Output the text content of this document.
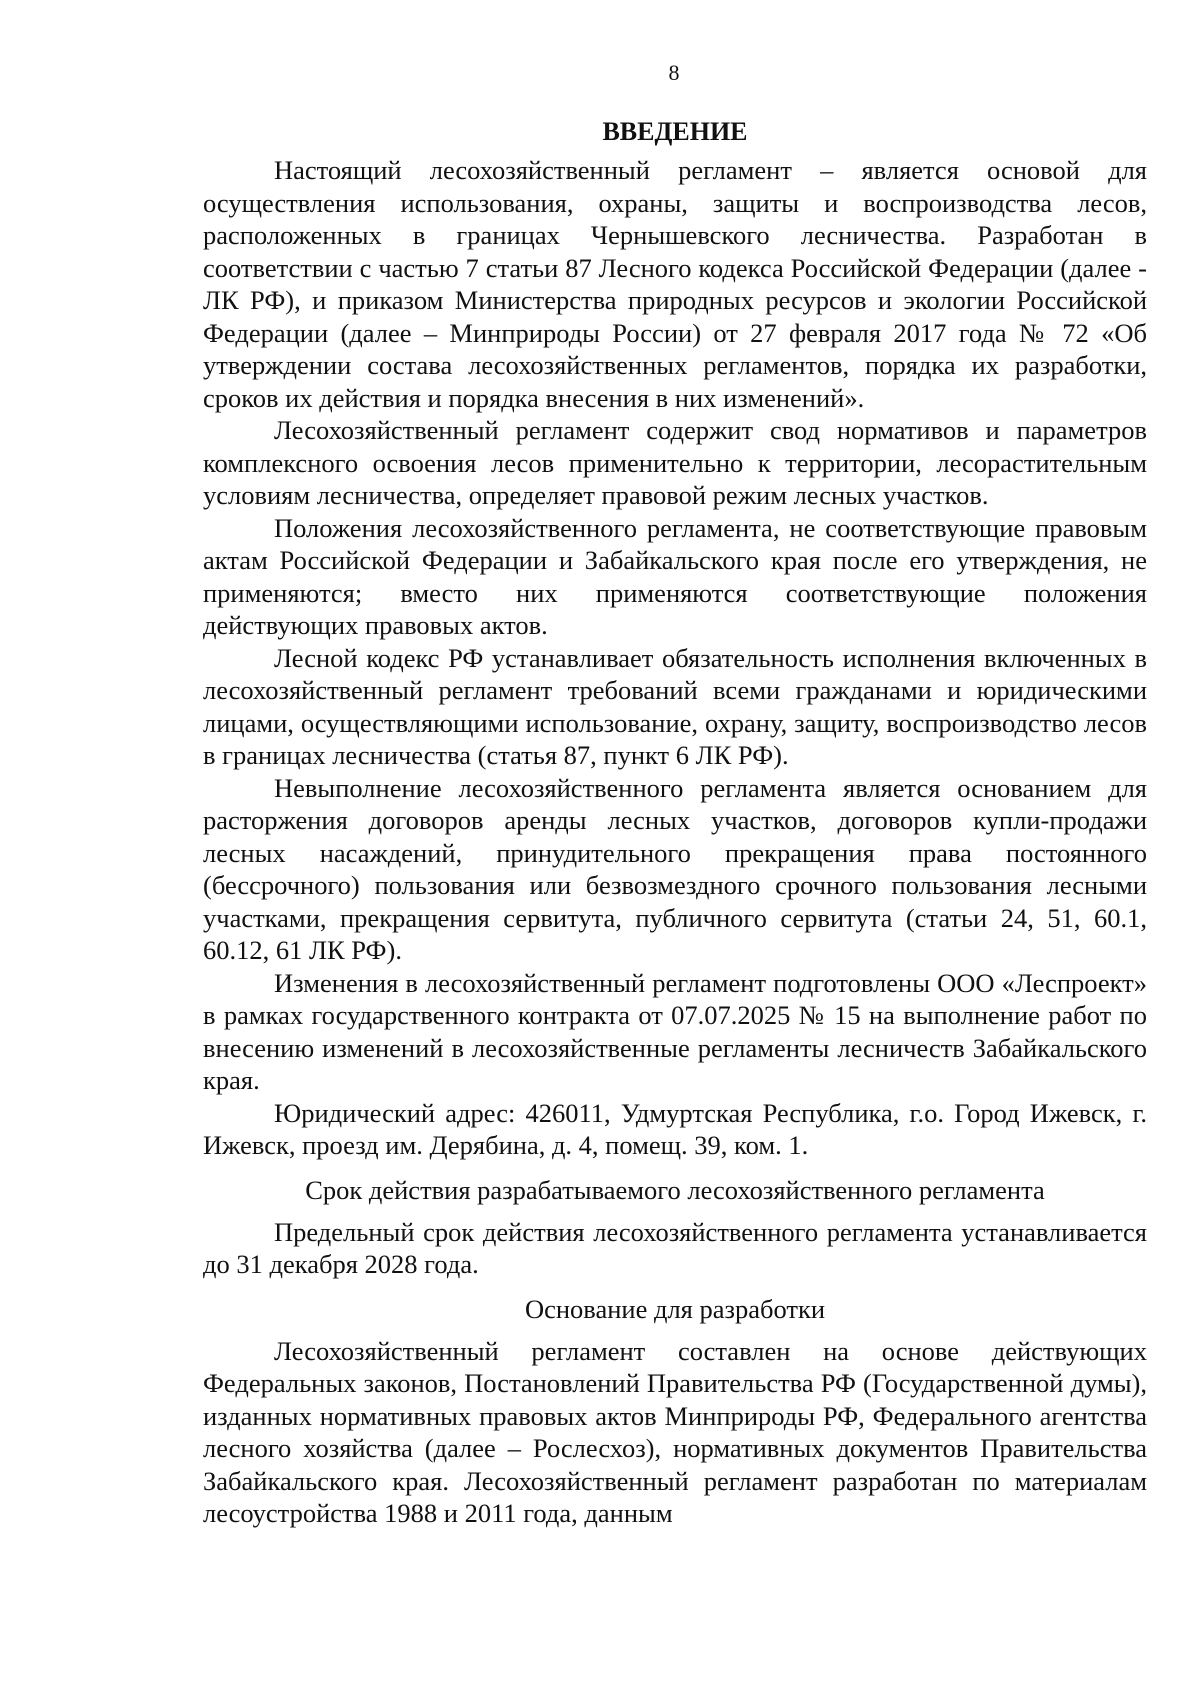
8
ВВЕДЕНИЕ

Настоящий лесохозяйственный регламент – является основой для осуществления использования, охраны, защиты и воспроизводства лесов, расположенных в границах Чернышевского лесничества. Разработан в соответствии с частью 7 статьи 87 Лесного кодекса Российской Федерации (далее - ЛК РФ), и приказом Министерства природных ресурсов и экологии Российской Федерации (далее – Минприроды России) от 27 февраля 2017 года № 72 «Об утверждении состава лесохозяйственных регламентов, порядка их разработки, сроков их действия и порядка внесения в них изменений».

Лесохозяйственный регламент содержит свод нормативов и параметров комплексного освоения лесов применительно к территории, лесорастительным условиям лесничества, определяет правовой режим лесных участков.

Положения лесохозяйственного регламента, не соответствующие правовым актам Российской Федерации и Забайкальского края после его утверждения, не применяются; вместо них применяются соответствующие положения действующих правовых актов.

Лесной кодекс РФ устанавливает обязательность исполнения включенных в лесохозяйственный регламент требований всеми гражданами и юридическими лицами, осуществляющими использование, охрану, защиту, воспроизводство лесов в границах лесничества (статья 87, пункт 6 ЛК РФ).

Невыполнение лесохозяйственного регламента является основанием для расторжения договоров аренды лесных участков, договоров купли-продажи лесных насаждений, принудительного прекращения права постоянного (бессрочного) пользования или безвозмездного срочного пользования лесными участками, прекращения сервитута, публичного сервитута (статьи 24, 51, 60.1, 60.12, 61 ЛК РФ).

Изменения в лесохозяйственный регламент подготовлены ООО «Леспроект» в рамках государственного контракта от 07.07.2025 № 15 на выполнение работ по внесению изменений в лесохозяйственные регламенты лесничеств Забайкальского края.

Юридический адрес: 426011, Удмуртская Республика, г.о. Город Ижевск, г. Ижевск, проезд им. Дерябина, д. 4, помещ. 39, ком. 1.

Срок действия разрабатываемого лесохозяйственного регламента

Предельный срок действия лесохозяйственного регламента устанавливается до 31 декабря 2028 года.

Основание для разработки

Лесохозяйственный регламент составлен на основе действующих Федеральных законов, Постановлений Правительства РФ (Государственной думы), изданных нормативных правовых актов Минприроды РФ, Федерального агентства лесного хозяйства (далее – Рослесхоз), нормативных документов Правительства Забайкальского края. Лесохозяйственный регламент разработан по материалам лесоустройства 1988 и 2011 года, данным
